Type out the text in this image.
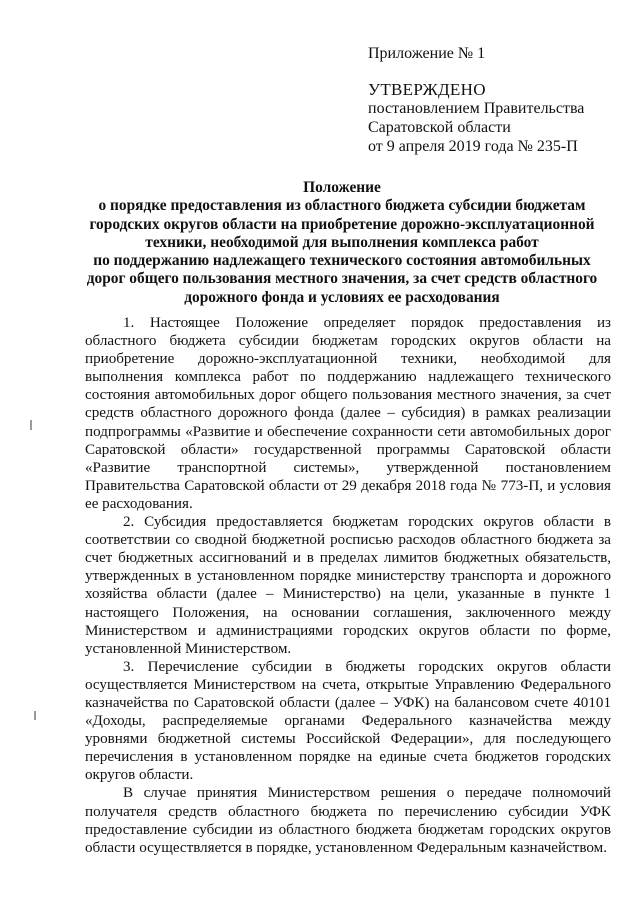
Приложение № 1
УТВЕРЖДЕНО
постановлением Правительства
Саратовской области
от 9 апреля 2019 года № 235-П
Положение
о порядке предоставления из областного бюджета субсидии бюджетам
городских округов области на приобретение дорожно-эксплуатационной
техники, необходимой для выполнения комплекса работ
по поддержанию надлежащего технического состояния автомобильных
дорог общего пользования местного значения, за счет средств областного
дорожного фонда и условиях ее расходования

1. Настоящее Положение определяет порядок предоставления из областного бюджета субсидии бюджетам городских округов области на приобретение дорожно-эксплуатационной техники, необходимой для выполнения комплекса работ по поддержанию надлежащего технического состояния автомобильных дорог общего пользования местного значения, за счет средств областного дорожного фонда (далее – субсидия) в рамках реализации подпрограммы «Развитие и обеспечение сохранности сети автомобильных дорог Саратовской области» государственной программы Саратовской области «Развитие транспортной системы», утвержденной постановлением Правительства Саратовской области от 29 декабря 2018 года № 773-П, и условия ее расходования.

2. Субсидия предоставляется бюджетам городских округов области в соответствии со сводной бюджетной росписью расходов областного бюджета за счет бюджетных ассигнований и в пределах лимитов бюджетных обязательств, утвержденных в установленном порядке министерству транспорта и дорожного хозяйства области (далее – Министерство) на цели, указанные в пункте 1 настоящего Положения, на основании соглашения, заключенного между Министерством и администрациями городских округов области по форме, установленной Министерством.

3. Перечисление субсидии в бюджеты городских округов области осуществляется Министерством на счета, открытые Управлению Федерального казначейства по Саратовской области (далее – УФК) на балансовом счете 40101 «Доходы, распределяемые органами Федерального казначейства между уровнями бюджетной системы Российской Федерации», для последующего перечисления в установленном порядке на единые счета бюджетов городских округов области.

В случае принятия Министерством решения о передаче полномочий получателя средств областного бюджета по перечислению субсидии УФК предоставление субсидии из областного бюджета бюджетам городских округов области осуществляется в порядке, установленном Федеральным казначейством.
